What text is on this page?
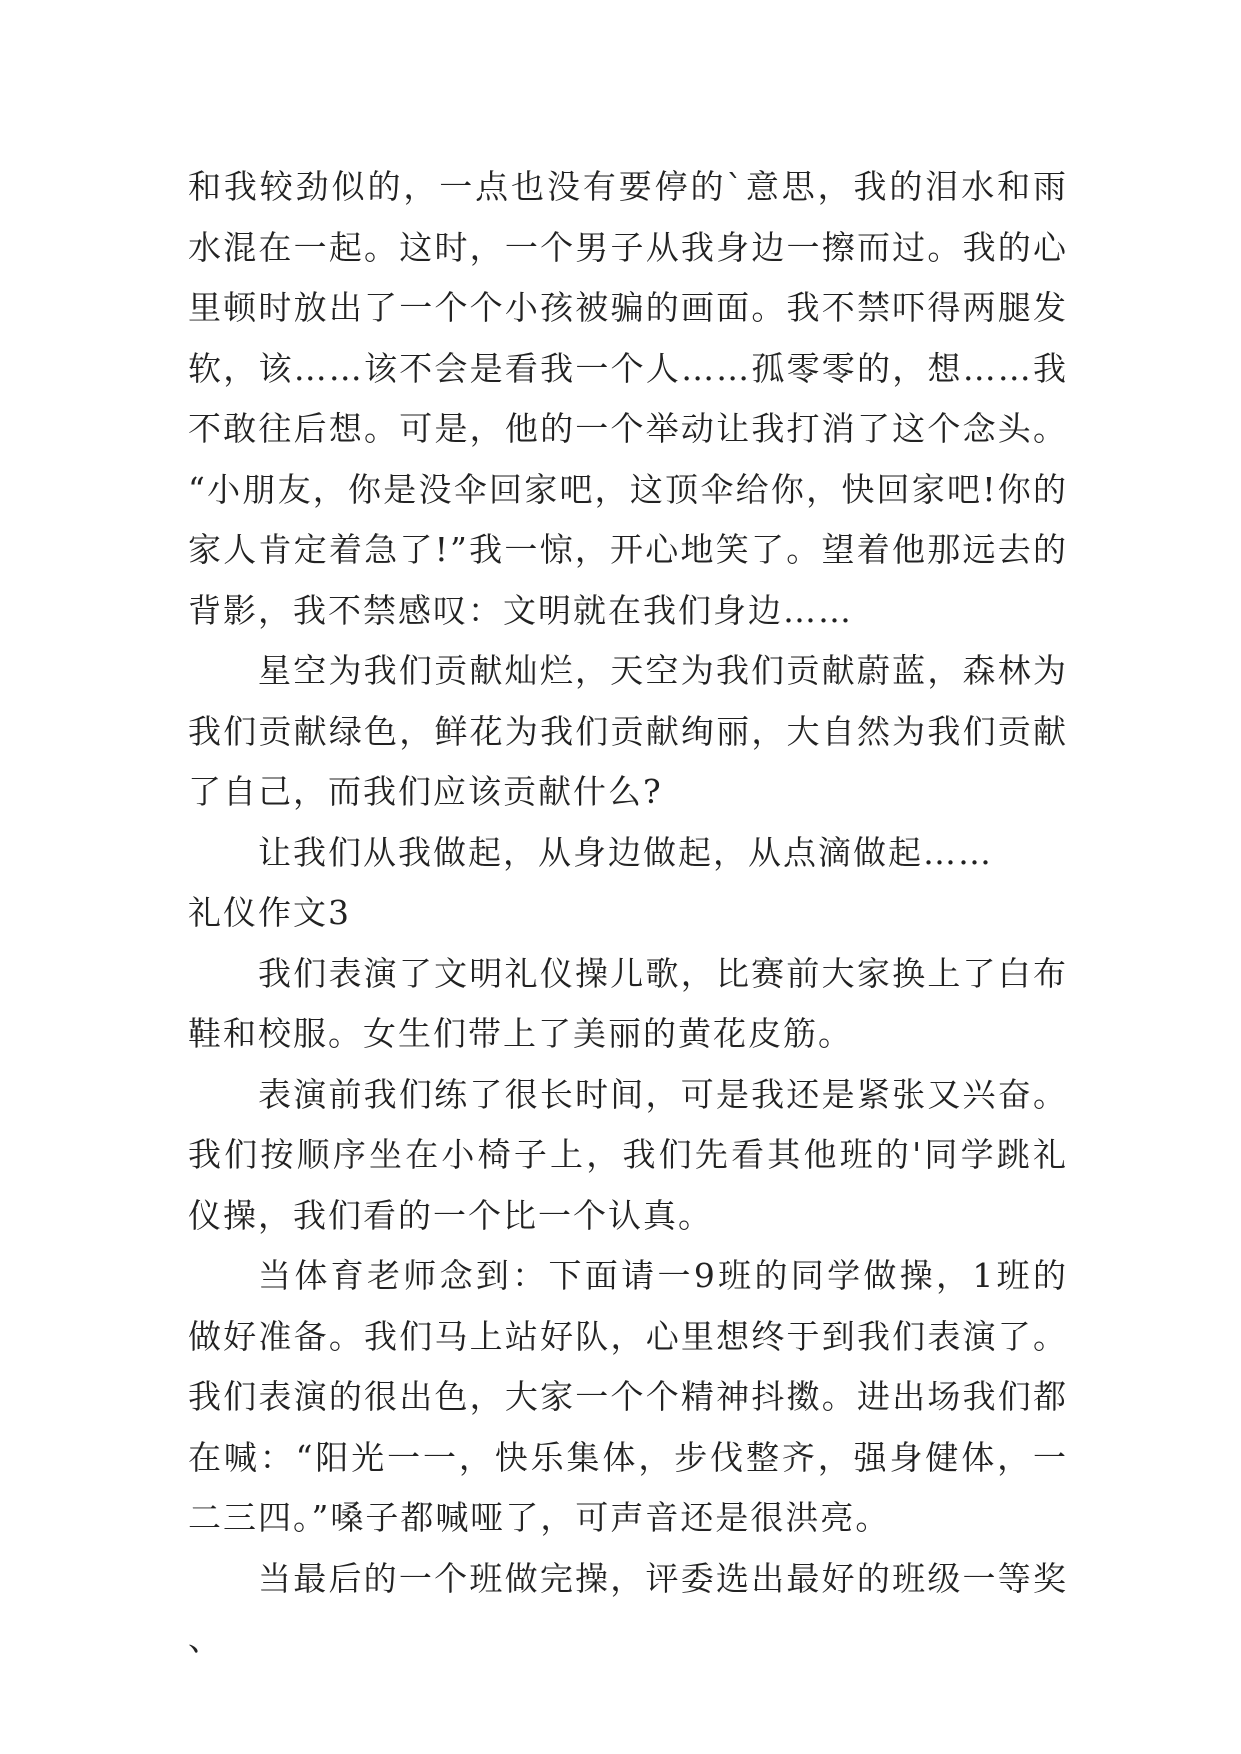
和我较劲似的，一点也没有要停的`意思，我的泪水和雨水混在一起。这时，一个男子从我身边一擦而过。我的心里顿时放出了一个个小孩被骗的画面。我不禁吓得两腿发软，该……该不会是看我一个人……孤零零的，想……我不敢往后想。可是，他的一个举动让我打消了这个念头。“小朋友，你是没伞回家吧，这顶伞给你，快回家吧!你的家人肯定着急了!”我一惊，开心地笑了。望着他那远去的背影，我不禁感叹：文明就在我们身边……

星空为我们贡献灿烂，天空为我们贡献蔚蓝，森林为我们贡献绿色，鲜花为我们贡献绚丽，大自然为我们贡献了自己，而我们应该贡献什么?

让我们从我做起，从身边做起，从点滴做起……

礼仪作文3

我们表演了文明礼仪操儿歌，比赛前大家换上了白布鞋和校服。女生们带上了美丽的黄花皮筋。

表演前我们练了很长时间，可是我还是紧张又兴奋。我们按顺序坐在小椅子上，我们先看其他班的'同学跳礼仪操，我们看的一个比一个认真。

当体育老师念到：下面请一9班的同学做操，1班的做好准备。我们马上站好队，心里想终于到我们表演了。我们表演的很出色，大家一个个精神抖擞。进出场我们都在喊：“阳光一一，快乐集体，步伐整齐，强身健体，一二三四。”嗓子都喊哑了，可声音还是很洪亮。

当最后的一个班做完操，评委选出最好的班级一等奖、
